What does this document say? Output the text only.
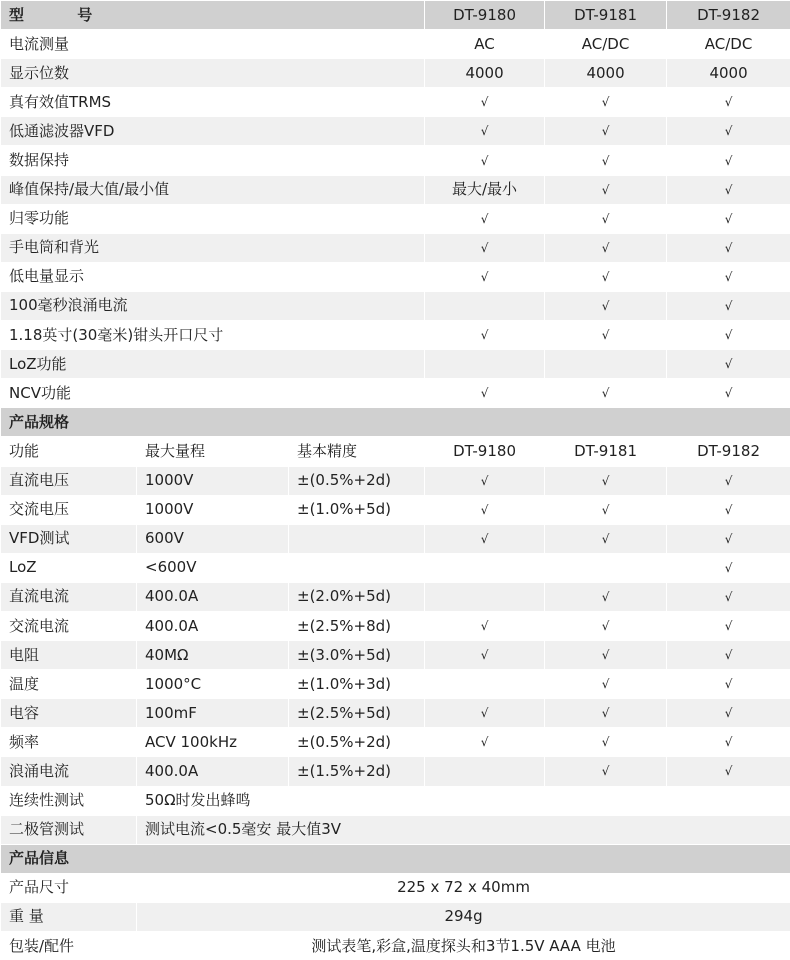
型 号			DT-9180	DT-9181	DT-9182
电流测量			AC	AC/DC	AC/DC
显示位数			4000	4000	4000
真有效值TRMS			√	√	√
低通滤波器VFD			√	√	√
数据保持			√	√	√
峰值保持/最大值/最小值			最大/最小	√	√
归零功能			√	√	√
手电筒和背光			√	√	√
低电量显示			√	√	√
100毫秒浪涌电流				√	√
1.18英寸(30毫米)钳头开口尺寸			√	√	√
LoZ功能					√
NCV功能			√	√	√
产品规格					
功能	最大量程	基本精度	DT-9180	DT-9181	DT-9182
直流电压	1000V	±(0.5%+2d)	√	√	√
交流电压	1000V	±(1.0%+5d)	√	√	√
VFD测试	600V		√	√	√
LoZ	<600V				√
直流电流	400.0A	±(2.0%+5d)		√	√
交流电流	400.0A	±(2.5%+8d)	√	√	√
电阻	40MΩ	±(3.0%+5d)	√	√	√
温度	1000°C	±(1.0%+3d)		√	√
电容	100mF	±(2.5%+5d)	√	√	√
频率	ACV 100kHz	±(0.5%+2d)	√	√	√
浪涌电流	400.0A	±(1.5%+2d)		√	√
连续性测试	50Ω时发出蜂鸣				
二极管测试	测试电流<0.5毫安 最大值3V				
产品信息					
产品尺寸	225 x 72 x 40mm				
重 量	294g				
包装/配件	测试表笔,彩盒,温度探头和3节1.5V AAA 电池				
